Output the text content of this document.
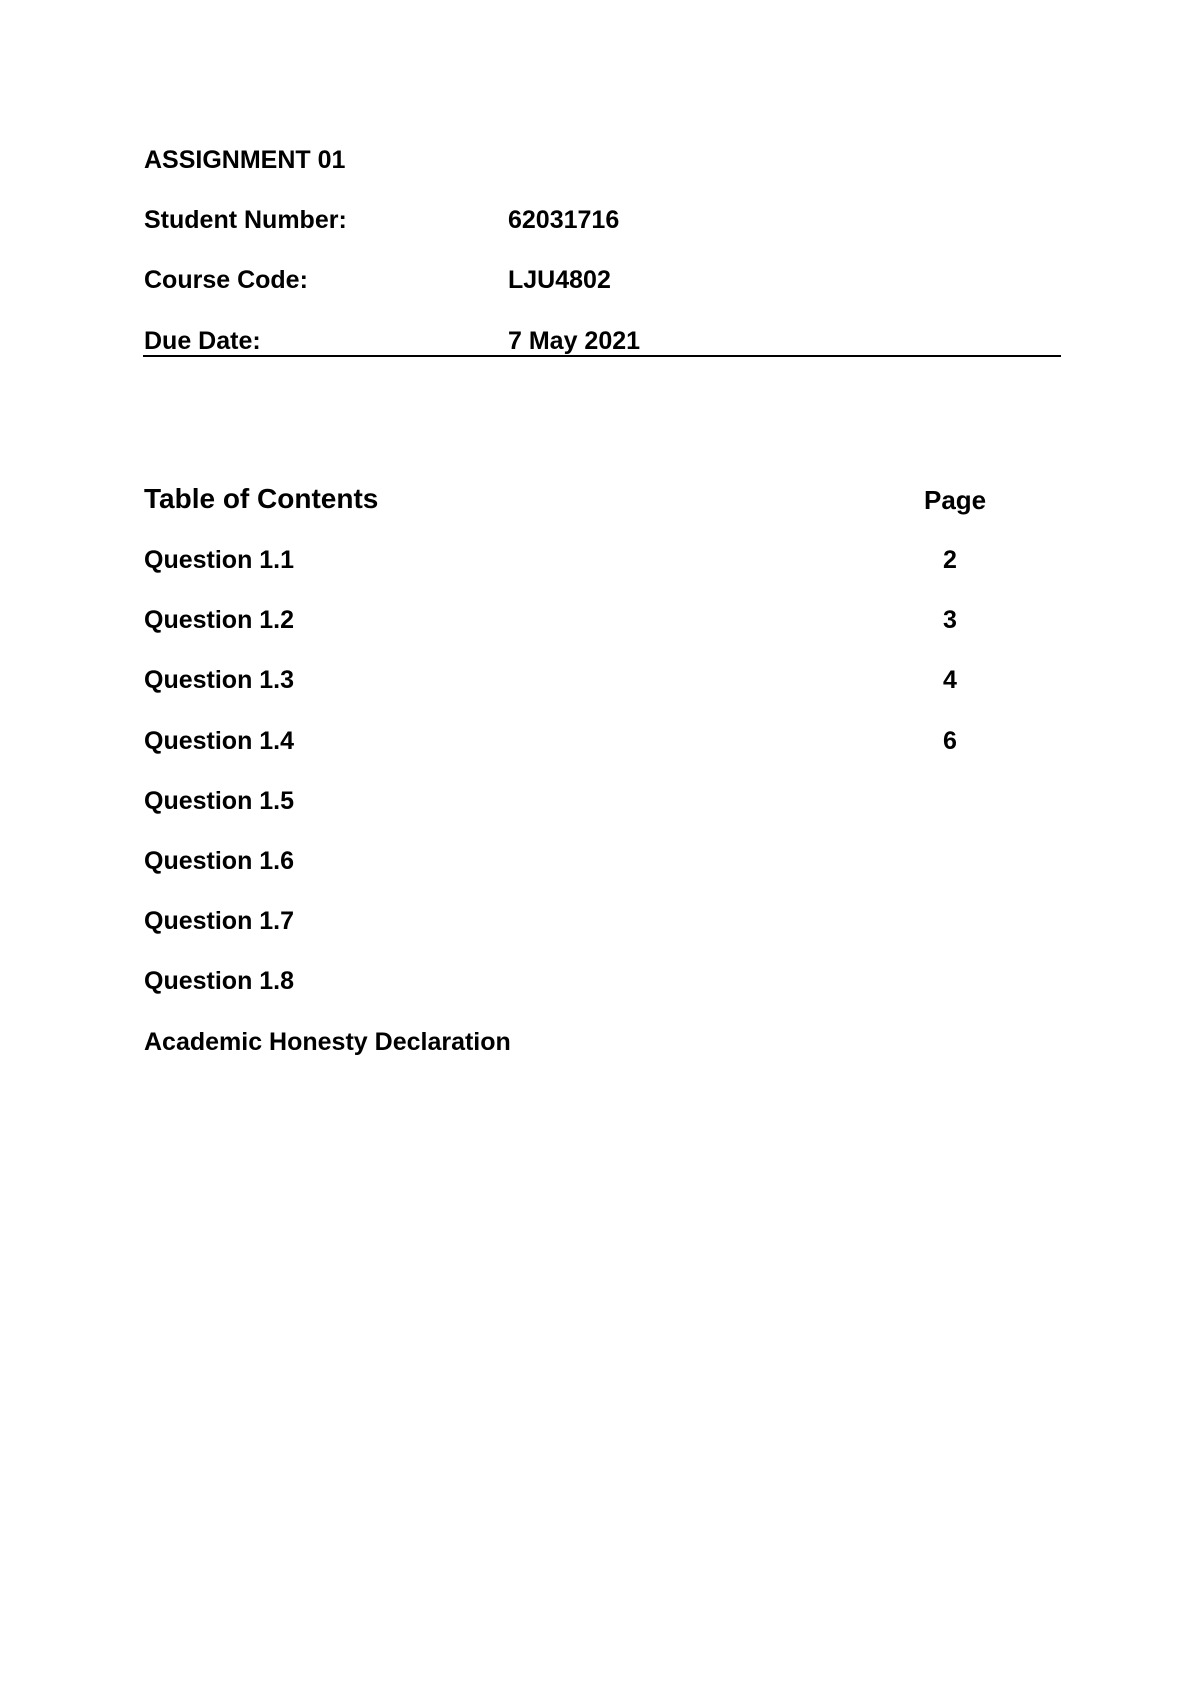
ASSIGNMENT 01
Student Number:	62031716
Course Code:	LJU4802
Due Date:	7 May 2021
Table of Contents	Page
Question 1.1	2
Question 1.2	3
Question 1.3	4
Question 1.4	6
Question 1.5
Question 1.6
Question 1.7
Question 1.8
Academic Honesty Declaration
